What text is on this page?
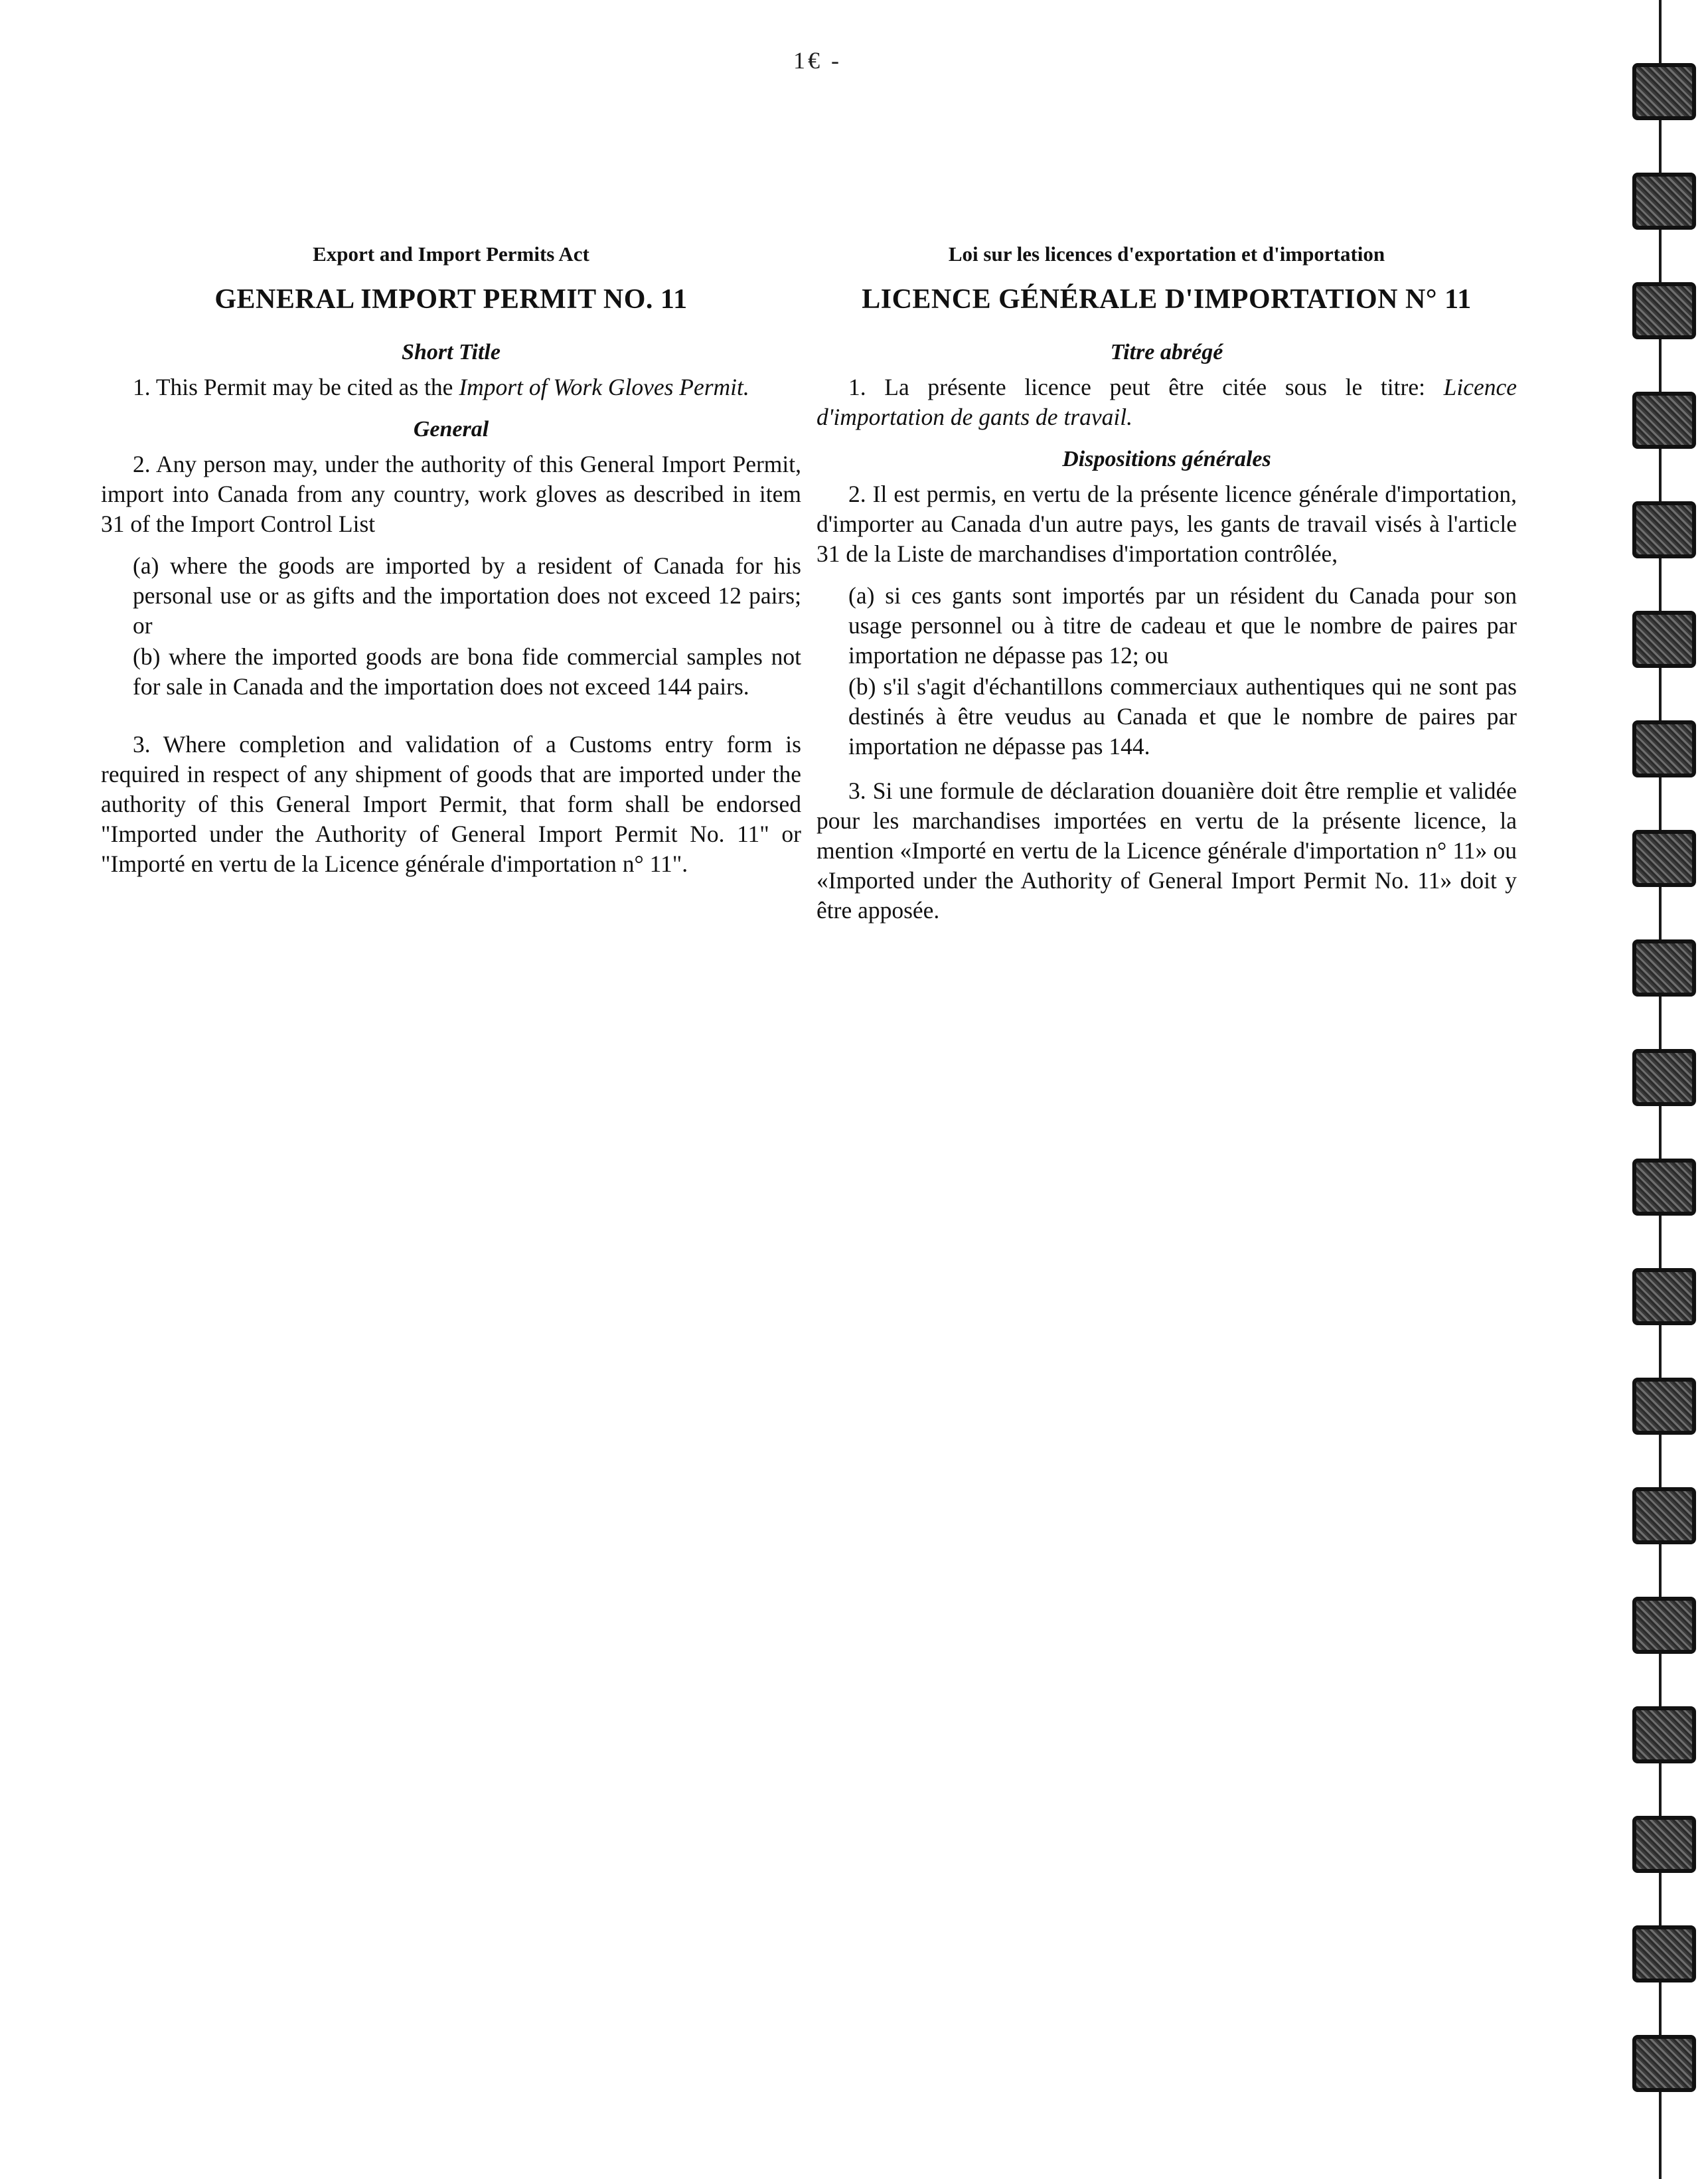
1€ -
Export and Import Permits Act
GENERAL IMPORT PERMIT NO. 11
Short Title

1. This Permit may be cited as the Import of Work Gloves Permit.

General

2. Any person may, under the authority of this General Import Permit, import into Canada from any country, work gloves as described in item 31 of the Import Control List

(a) where the goods are imported by a resident of Canada for his personal use or as gifts and the importation does not exceed 12 pairs; or

(b) where the imported goods are bona fide commercial samples not for sale in Canada and the importation does not exceed 144 pairs.

3. Where completion and validation of a Customs entry form is required in respect of any shipment of goods that are imported under the authority of this General Import Permit, that form shall be endorsed "Imported under the Authority of General Import Permit No. 11" or "Importé en vertu de la Licence générale d'importation n° 11".

Loi sur les licences d'exportation et d'importation
LICENCE GÉNÉRALE D'IMPORTATION N° 11
Titre abrégé

1. La présente licence peut être citée sous le titre: Licence d'importation de gants de travail.

Dispositions générales

2. Il est permis, en vertu de la présente licence générale d'importation, d'importer au Canada d'un autre pays, les gants de travail visés à l'article 31 de la Liste de marchandises d'importation contrôlée,

(a) si ces gants sont importés par un résident du Canada pour son usage personnel ou à titre de cadeau et que le nombre de paires par importation ne dépasse pas 12; ou

(b) s'il s'agit d'échantillons commerciaux authentiques qui ne sont pas destinés à être veudus au Canada et que le nombre de paires par importation ne dépasse pas 144.

3. Si une formule de déclaration douanière doit être remplie et validée pour les marchandises importées en vertu de la présente licence, la mention «Importé en vertu de la Licence générale d'importation n° 11» ou «Imported under the Authority of General Import Permit No. 11» doit y être apposée.
